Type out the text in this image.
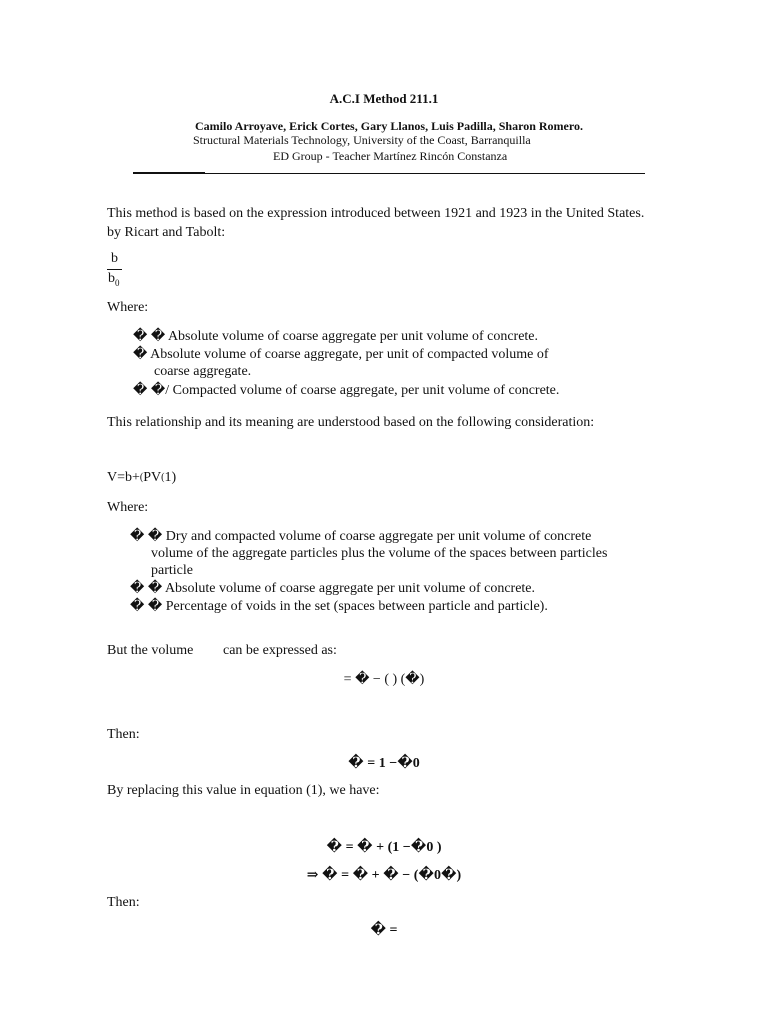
A.C.I Method 211.1
Camilo Arroyave, Erick Cortes, Gary Llanos, Luis Padilla, Sharon Romero.
Structural Materials Technology, University of the Coast, Barranquilla
ED Group - Teacher Martínez Rincón Constanza
This method is based on the expression introduced between 1921 and 1923 in the United States.
by Ricart and Tabolt:
b
$b_0$
Where:
� � Absolute volume of coarse aggregate per unit volume of concrete.
� Absolute volume of coarse aggregate, per unit of compacted volume of
coarse aggregate.
� �/ Compacted volume of coarse aggregate, per unit volume of concrete.
This relationship and its meaning are understood based on the following consideration:
V=b+(PV(1)
Where:
� � Dry and compacted volume of coarse aggregate per unit volume of concrete
volume of the aggregate particles plus the volume of the spaces between particles
particle
� � Absolute volume of coarse aggregate per unit volume of concrete.
� � Percentage of voids in the set (spaces between particle and particle).
But the volume can be expressed as:
= � − ( ) (�)
Then:
� = 1 −�0
By replacing this value in equation (1), we have:
� = � + (1 −�0 )
⇒ � = � + � − (�0�)
Then:
� =
